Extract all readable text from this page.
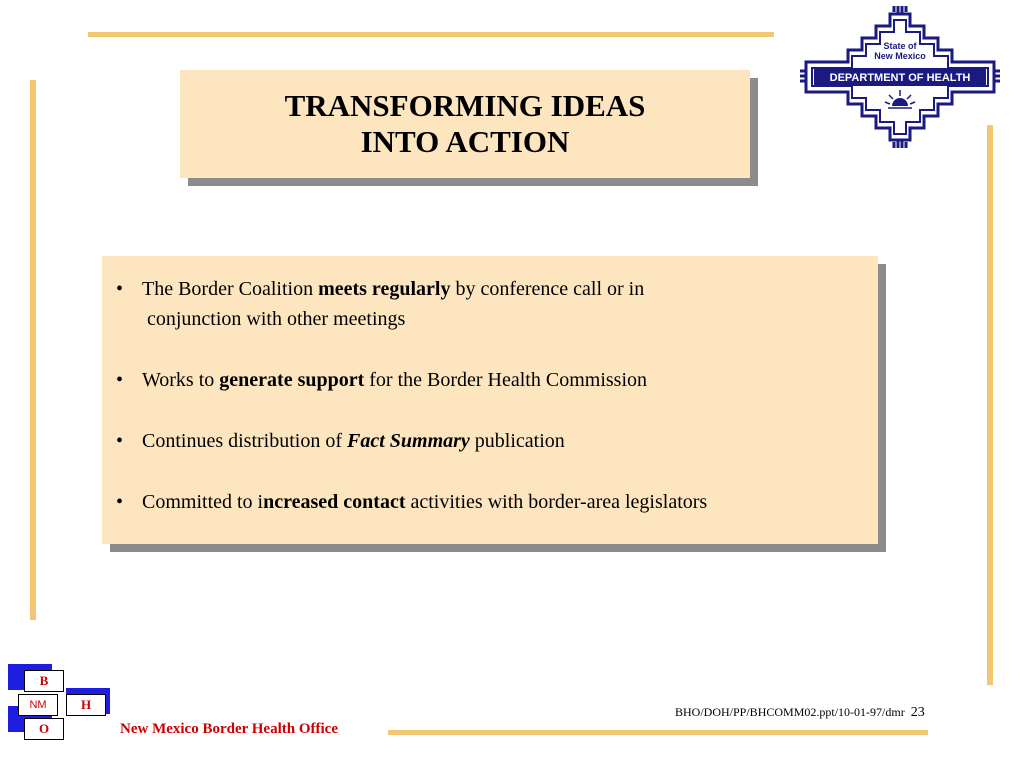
TRANSFORMING IDEAS
INTO ACTION
• The Border Coalition meets regularly by conference call or in
conjunction with other meetings
• Works to generate support for the Border Health Commission
• Continues distribution of Fact Summary publication
• Committed to increased contact activities with border-area legislators
State of
New Mexico
DEPARTMENT OF HEALTH
B
NM	H
O	New Mexico Border Health Office
BHO/DOH/PP/BHCOMM02.ppt/10-01-97/dmr 23
